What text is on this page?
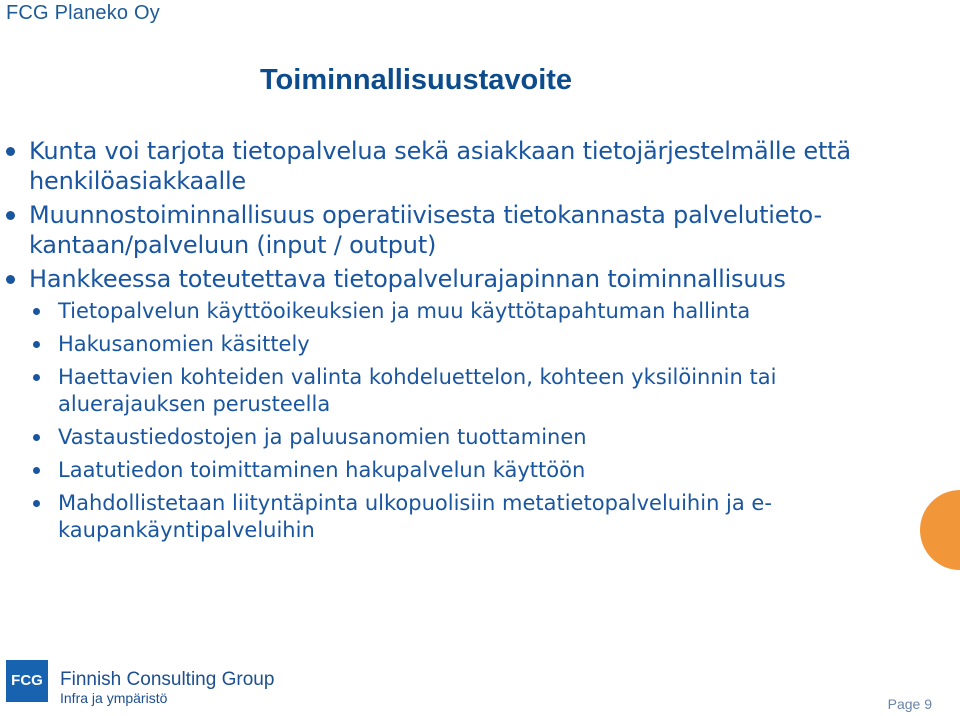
FCG Planeko Oy
Toiminnallisuustavoite
Kunta voi tarjota tietopalvelua sekä asiakkaan tietojärjestelmälle että henkilöasiakkaalle
Muunnostoiminnallisuus operatiivisesta tietokannasta palvelutieto-kantaan/palveluun (input / output)
Hankkeessa toteutettava tietopalvelurajapinnan toiminnallisuus
Tietopalvelun käyttöoikeuksien ja muu käyttötapahtuman hallinta
Hakusanomien käsittely
Haettavien kohteiden valinta kohdeluettelon, kohteen yksilöinnin tai aluerajauksen perusteella
Vastaustiedostojen ja paluusanomien tuottaminen
Laatutiedon toimittaminen hakupalvelun käyttöön
Mahdollistetaan liityntäpinta ulkopuolisiin metatietopalveluihin ja e-kaupankäyntipalveluihin
FCG Finnish Consulting Group
Infra ja ympäristö	Page 9
